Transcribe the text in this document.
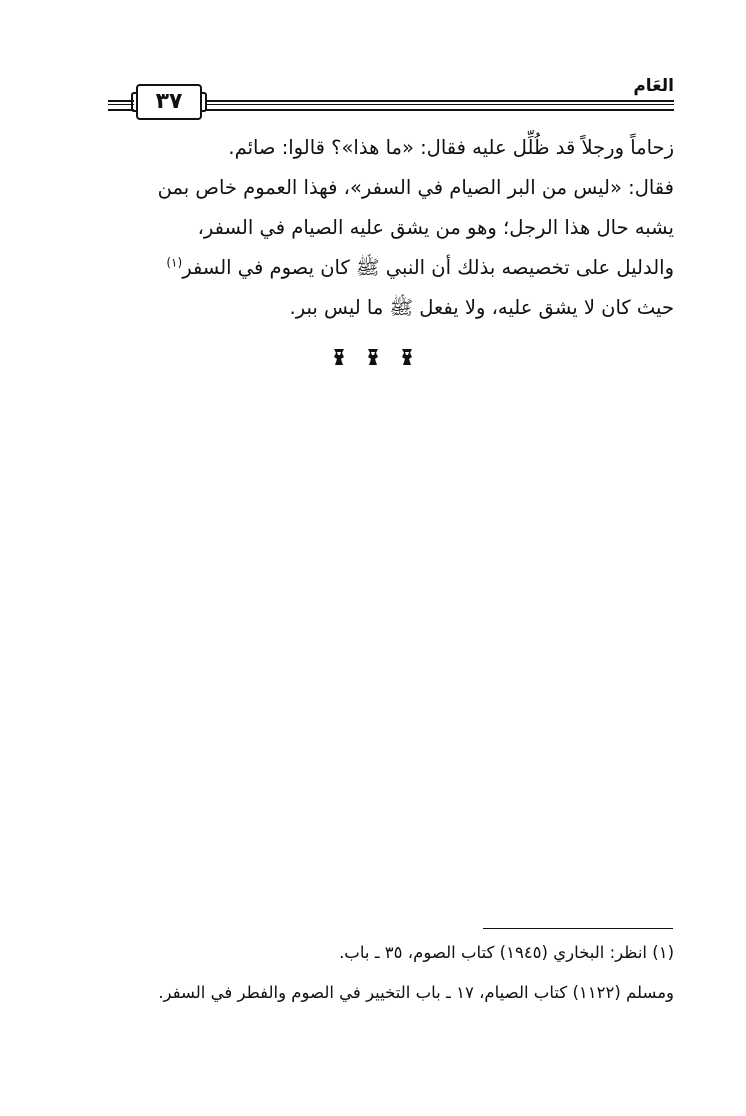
٣٧
العَام

زحاماً ورجلاً قد ظُلِّل عليه فقال: «ما هذا»؟ قالوا: صائم.

فقال: «ليس من البر الصيام في السفر»، فهذا العموم خاص بمن

يشبه حال هذا الرجل؛ وهو من يشق عليه الصيام في السفر،

والدليل على تخصيصه بذلك أن النبي ﷺ كان يصوم في السفر$^{(١)}$

حيث كان لا يشق عليه، ولا يفعل ﷺ ما ليس ببر.

(١) انظر: البخاري (١٩٤٥) كتاب الصوم، ٣٥ ـ باب.

ومسلم (١١٢٢) كتاب الصيام، ١٧ ـ باب التخيير في الصوم والفطر في السفر.
